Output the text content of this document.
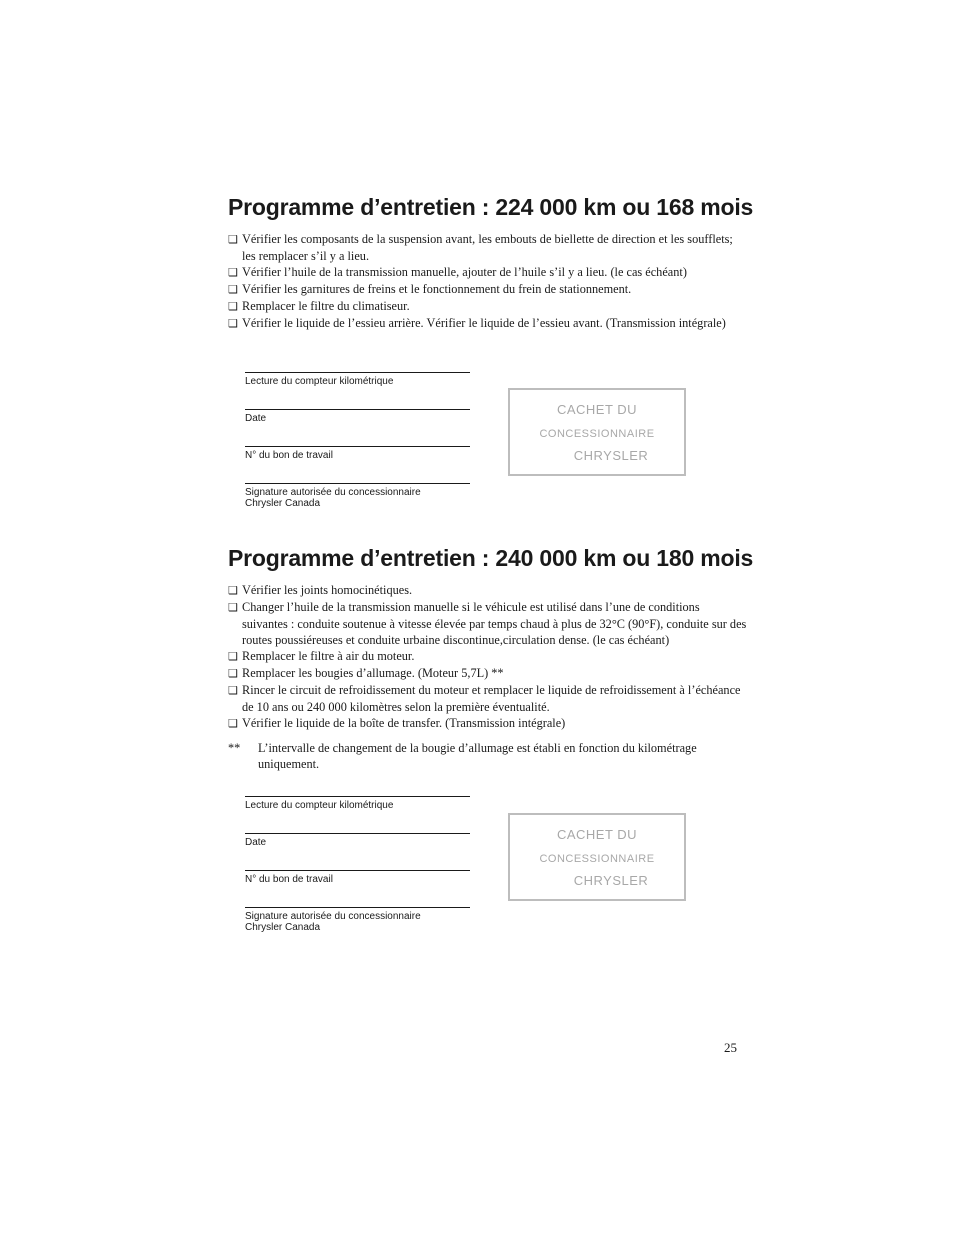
Programme d’entretien : 224 000 km ou 168 mois
❑ Vérifier les composants de la suspension avant, les embouts de biellette de direction et les soufflets; les remplacer s’il y a lieu.
❑ Vérifier l’huile de la transmission manuelle, ajouter de l’huile s’il y a lieu. (le cas échéant)
❑ Vérifier les garnitures de freins et le fonctionnement du frein de stationnement.
❑ Remplacer le filtre du climatiseur.
❑ Vérifier le liquide de l’essieu arrière. Vérifier le liquide de l’essieu avant. (Transmission intégrale)
Lecture du compteur kilométrique
Date
N° du bon de travail
Signature autorisée du concessionnaire
Chrysler Canada
CACHET DU
CONCESSIONNAIRE
CHRYSLER
Programme d’entretien : 240 000 km ou 180 mois
❑ Vérifier les joints homocinétiques.
❑ Changer l’huile de la transmission manuelle si le véhicule est utilisé dans l’une de conditions suivantes : conduite soutenue à vitesse élevée par temps chaud à plus de 32°C (90°F), conduite sur des routes poussiéreuses et conduite urbaine discontinue,circulation dense. (le cas échéant)
❑ Remplacer le filtre à air du moteur.
❑ Remplacer les bougies d’allumage. (Moteur 5,7L) **
❑ Rincer le circuit de refroidissement du moteur et remplacer le liquide de refroidissement à l’échéance de 10 ans ou 240 000 kilomètres selon la première éventualité.
❑ Vérifier le liquide de la boîte de transfer. (Transmission intégrale)
**	L’intervalle de changement de la bougie d’allumage est établi en fonction du kilométrage uniquement.
Lecture du compteur kilométrique
Date
N° du bon de travail
Signature autorisée du concessionnaire
Chrysler Canada
CACHET DU
CONCESSIONNAIRE
CHRYSLER
25
